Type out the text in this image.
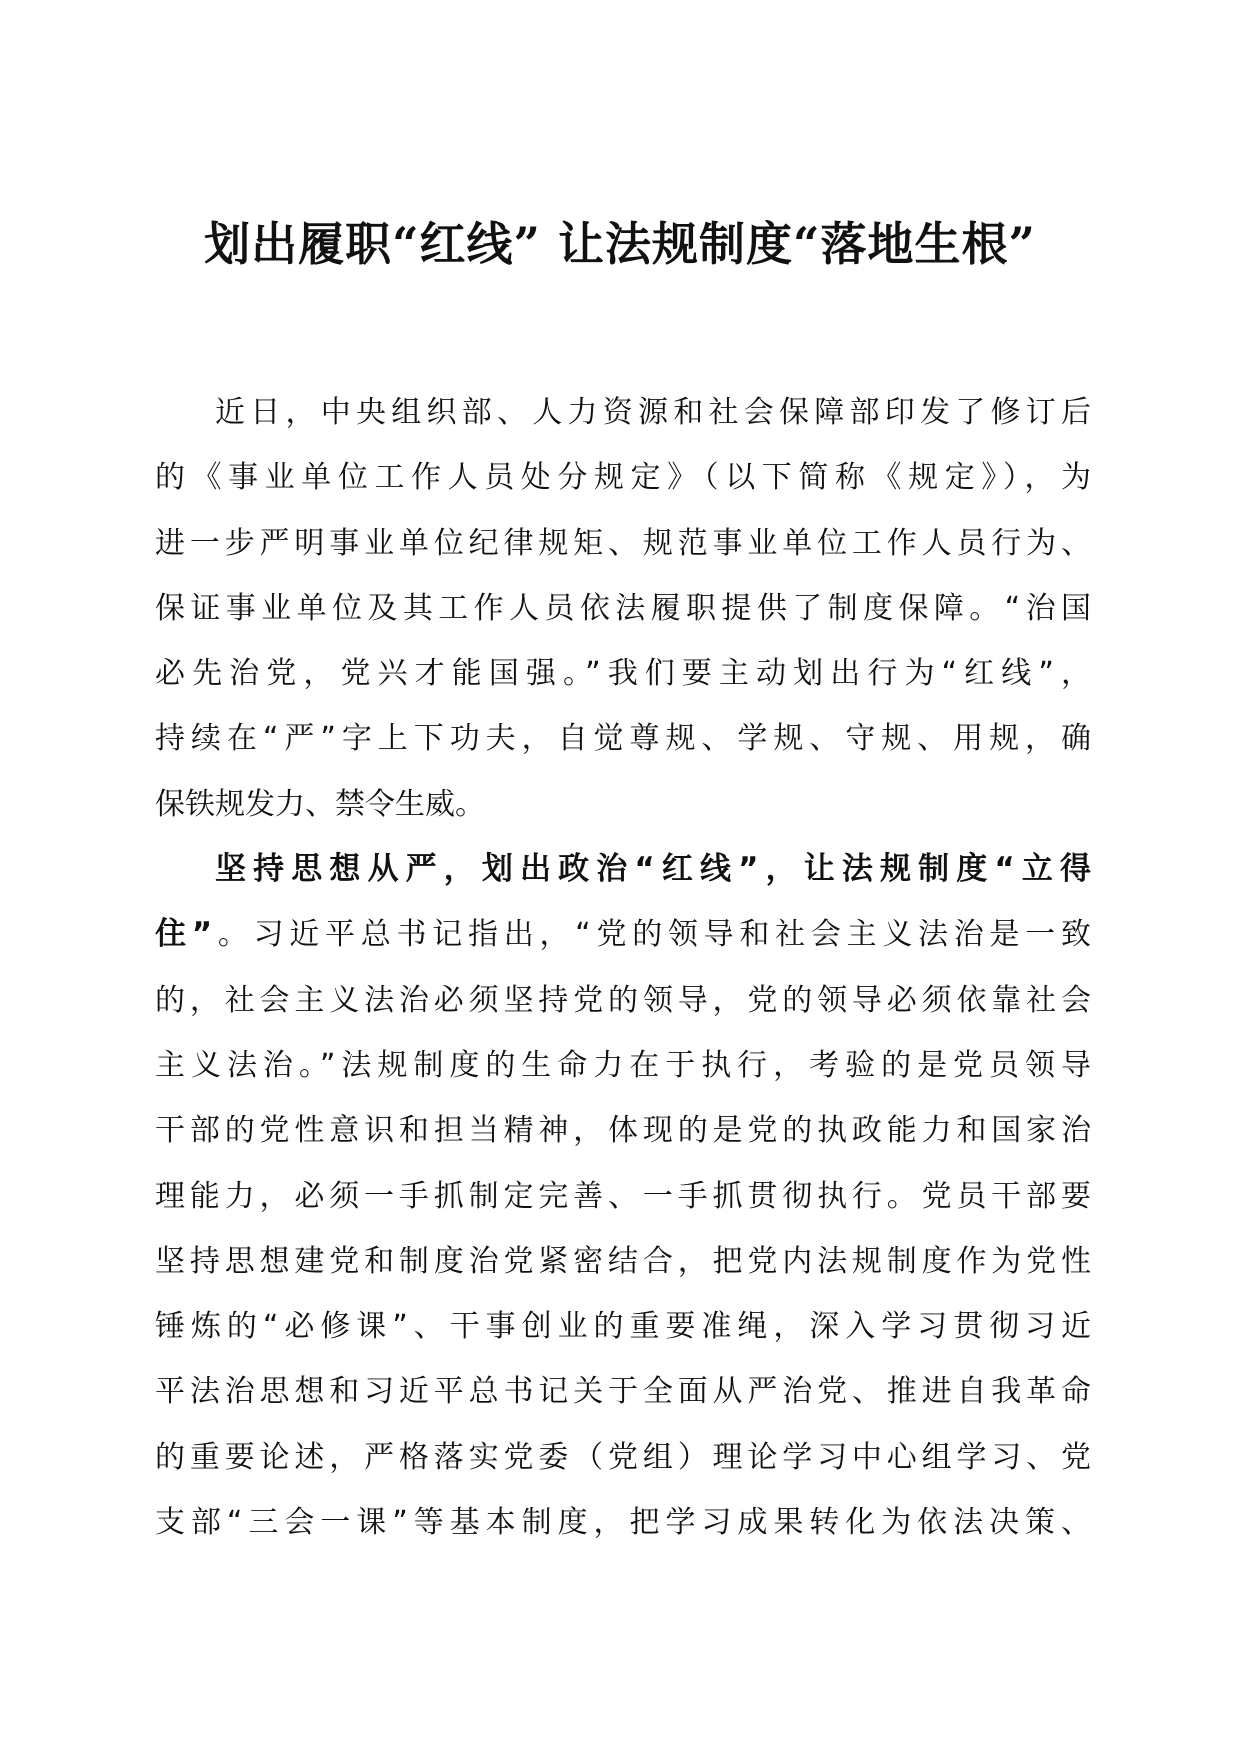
划出履职“红线” 让法规制度“落地生根”
近日，中央组织部、人力资源和社会保障部印发了修订后
的《事业单位工作人员处分规定》（以下简称《规定》），为
进一步严明事业单位纪律规矩、规范事业单位工作人员行为、
保证事业单位及其工作人员依法履职提供了制度保障。“治国
必先治党，党兴才能国强。”我们要主动划出行为“红线”，
持续在“严”字上下功夫，自觉尊规、学规、守规、用规，确
保铁规发力、禁令生威。
坚持思想从严，划出政治“红线”，让法规制度“立得
住”。习近平总书记指出，“党的领导和社会主义法治是一致
的，社会主义法治必须坚持党的领导，党的领导必须依靠社会
主义法治。”法规制度的生命力在于执行，考验的是党员领导
干部的党性意识和担当精神，体现的是党的执政能力和国家治
理能力，必须一手抓制定完善、一手抓贯彻执行。党员干部要
坚持思想建党和制度治党紧密结合，把党内法规制度作为党性
锤炼的“必修课”、干事创业的重要准绳，深入学习贯彻习近
平法治思想和习近平总书记关于全面从严治党、推进自我革命
的重要论述，严格落实党委（党组）理论学习中心组学习、党
支部“三会一课”等基本制度，把学习成果转化为依法决策、
